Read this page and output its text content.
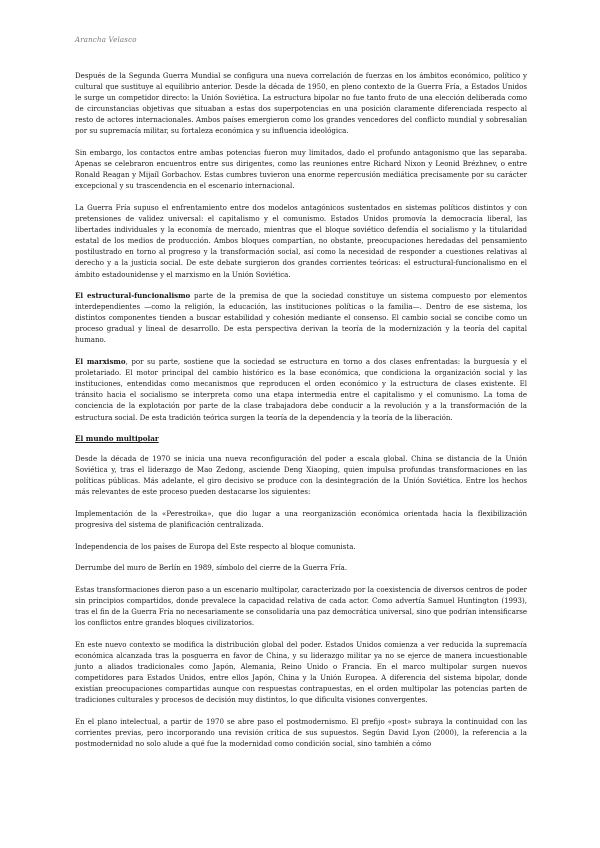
Arancha Velasco

Después de la Segunda Guerra Mundial se configura una nueva correlación de fuerzas en los ámbitos económico, político y cultural que sustituye al equilibrio anterior. Desde la década de 1950, en pleno contexto de la Guerra Fría, a Estados Unidos le surge un competidor directo: la Unión Soviética. La estructura bipolar no fue tanto fruto de una elección deliberada como de circunstancias objetivas que situaban a estas dos superpotencias en una posición claramente diferenciada respecto al resto de actores internacionales. Ambos países emergieron como los grandes vencedores del conflicto mundial y sobresalían por su supremacía militar, su fortaleza económica y su influencia ideológica.

Sin embargo, los contactos entre ambas potencias fueron muy limitados, dado el profundo antagonismo que las separaba. Apenas se celebraron encuentros entre sus dirigentes, como las reuniones entre Richard Nixon y Leonid Brézhnev, o entre Ronald Reagan y Mijaíl Gorbachov. Estas cumbres tuvieron una enorme repercusión mediática precisamente por su carácter excepcional y su trascendencia en el escenario internacional.

La Guerra Fría supuso el enfrentamiento entre dos modelos antagónicos sustentados en sistemas políticos distintos y con pretensiones de validez universal: el capitalismo y el comunismo. Estados Unidos promovía la democracia liberal, las libertades individuales y la economía de mercado, mientras que el bloque soviético defendía el socialismo y la titularidad estatal de los medios de producción. Ambos bloques compartían, no obstante, preocupaciones heredadas del pensamiento postilustrado en torno al progreso y la transformación social, así como la necesidad de responder a cuestiones relativas al derecho y a la justicia social. De este debate surgieron dos grandes corrientes teóricas: el estructural-funcionalismo en el ámbito estadounidense y el marxismo en la Unión Soviética.

El estructural-funcionalismo parte de la premisa de que la sociedad constituye un sistema compuesto por elementos interdependientes —como la religión, la educación, las instituciones políticas o la familia—. Dentro de ese sistema, los distintos componentes tienden a buscar estabilidad y cohesión mediante el consenso. El cambio social se concibe como un proceso gradual y lineal de desarrollo. De esta perspectiva derivan la teoría de la modernización y la teoría del capital humano.

El marxismo, por su parte, sostiene que la sociedad se estructura en torno a dos clases enfrentadas: la burguesía y el proletariado. El motor principal del cambio histórico es la base económica, que condiciona la organización social y las instituciones, entendidas como mecanismos que reproducen el orden económico y la estructura de clases existente. El tránsito hacia el socialismo se interpreta como una etapa intermedia entre el capitalismo y el comunismo. La toma de conciencia de la explotación por parte de la clase trabajadora debe conducir a la revolución y a la transformación de la estructura social. De esta tradición teórica surgen la teoría de la dependencia y la teoría de la liberación.

El mundo multipolar

Desde la década de 1970 se inicia una nueva reconfiguración del poder a escala global. China se distancia de la Unión Soviética y, tras el liderazgo de Mao Zedong, asciende Deng Xiaoping, quien impulsa profundas transformaciones en las políticas públicas. Más adelante, el giro decisivo se produce con la desintegración de la Unión Soviética. Entre los hechos más relevantes de este proceso pueden destacarse los siguientes:

Implementación de la «Perestroika», que dio lugar a una reorganización económica orientada hacia la flexibilización progresiva del sistema de planificación centralizada.

Independencia de los países de Europa del Este respecto al bloque comunista.

Derrumbe del muro de Berlín en 1989, símbolo del cierre de la Guerra Fría.

Estas transformaciones dieron paso a un escenario multipolar, caracterizado por la coexistencia de diversos centros de poder sin principios compartidos, donde prevalece la capacidad relativa de cada actor. Como advertía Samuel Huntington (1993), tras el fin de la Guerra Fría no necesariamente se consolidaría una paz democrática universal, sino que podrían intensificarse los conflictos entre grandes bloques civilizatorios.

En este nuevo contexto se modifica la distribución global del poder. Estados Unidos comienza a ver reducida la supremacía económica alcanzada tras la posguerra en favor de China, y su liderazgo militar ya no se ejerce de manera incuestionable junto a aliados tradicionales como Japón, Alemania, Reino Unido o Francia. En el marco multipolar surgen nuevos competidores para Estados Unidos, entre ellos Japón, China y la Unión Europea. A diferencia del sistema bipolar, donde existían preocupaciones compartidas aunque con respuestas contrapuestas, en el orden multipolar las potencias parten de tradiciones culturales y procesos de decisión muy distintos, lo que dificulta visiones convergentes.

En el plano intelectual, a partir de 1970 se abre paso el postmodernismo. El prefijo «post» subraya la continuidad con las corrientes previas, pero incorporando una revisión crítica de sus supuestos. Según David Lyon (2000), la referencia a la postmodernidad no solo alude a qué fue la modernidad como condición social, sino también a cómo
